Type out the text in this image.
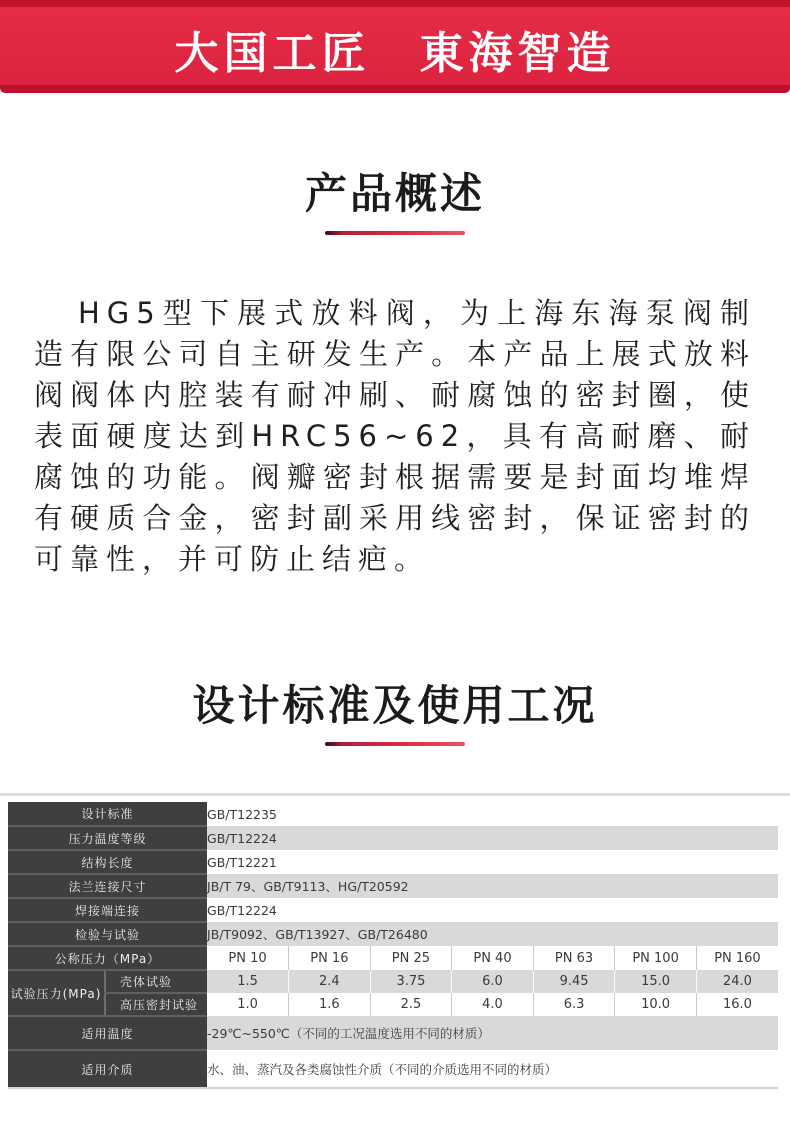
大国工匠　東海智造
产品概述

HG5型下展式放料阀，为上海东海泵阀制造有限公司自主研发生产。本产品上展式放料阀阀体内腔装有耐冲刷、耐腐蚀的密封圈，使表面硬度达到HRC56~62，具有高耐磨、耐腐蚀的功能。阀瓣密封根据需要是封面均堆焊有硬质合金，密封副采用线密封，保证密封的可靠性，并可防止结疤。

设计标准及使用工况
设计标准		GB/T12235						
压力温度等级		GB/T12224						
结构长度		GB/T12221						
法兰连接尺寸		JB/T 79、GB/T9113、HG/T20592						
焊接端连接		GB/T12224						
检验与试验		JB/T9092、GB/T13927、GB/T26480						
公称压力（MPa）		PN 10	PN 16	PN 25	PN 40	PN 63	PN 100	PN 160
试验压力(MPa)	壳体试验	1.5	2.4	3.75	6.0	9.45	15.0	24.0
	高压密封试验	1.0	1.6	2.5	4.0	6.3	10.0	16.0
适用温度		-29℃~550℃（不同的工况温度选用不同的材质）						
适用介质		水、油、蒸汽及各类腐蚀性介质（不同的介质选用不同的材质）						
